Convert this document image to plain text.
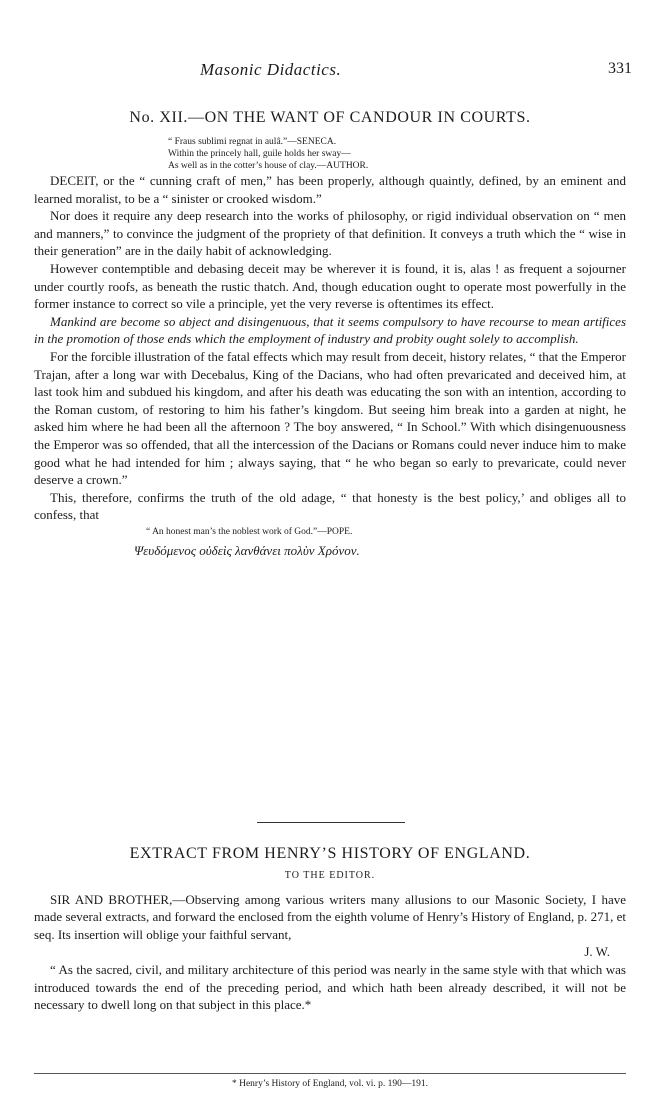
Masonic Didactics.	331
No. XII.—ON THE WANT OF CANDOUR IN COURTS.
“ Fraus sublimi regnat in aulâ.”—SENECA.
Within the princely hall, guile holds her sway—
As well as in the cotter’s house of clay.—AUTHOR.

DECEIT, or the “ cunning craft of men,” has been properly, although quaintly, defined, by an eminent and learned moralist, to be a “ sinister or crooked wisdom.”

Nor does it require any deep research into the works of philosophy, or rigid individual observation on “ men and manners,” to convince the judgment of the propriety of that definition. It conveys a truth which the “ wise in their generation” are in the daily habit of acknowledging.

However contemptible and debasing deceit may be wherever it is found, it is, alas ! as frequent a sojourner under courtly roofs, as beneath the rustic thatch. And, though education ought to operate most powerfully in the former instance to correct so vile a principle, yet the very reverse is oftentimes its effect.

Mankind are become so abject and disingenuous, that it seems compulsory to have recourse to mean artifices in the promotion of those ends which the employment of industry and probity ought solely to accomplish.

For the forcible illustration of the fatal effects which may result from deceit, history relates, “ that the Emperor Trajan, after a long war with Decebalus, King of the Dacians, who had often prevaricated and deceived him, at last took him and subdued his kingdom, and after his death was educating the son with an intention, according to the Roman custom, of restoring to him his father’s kingdom. But seeing him break into a garden at night, he asked him where he had been all the afternoon ? The boy answered, “ In School.” With which disingenuousness the Emperor was so offended, that all the intercession of the Dacians or Romans could never induce him to make good what he had intended for him ; always saying, that “ he who began so early to prevaricate, could never deserve a crown.”

This, therefore, confirms the truth of the old adage, “ that honesty is the best policy,’ and obliges all to confess, that

“ An honest man’s the noblest work of God.”—POPE.
Ψευδόμενος οὐδεὶς λανθάνει πολὺν Χρόνον.
EXTRACT FROM HENRY’S HISTORY OF ENGLAND.
TO THE EDITOR.

SIR AND BROTHER,—Observing among various writers many allusions to our Masonic Society, I have made several extracts, and forward the enclosed from the eighth volume of Henry’s History of England, p. 271, et seq. Its insertion will oblige your faithful servant,

J. W.

“ As the sacred, civil, and military architecture of this period was nearly in the same style with that which was introduced towards the end of the preceding period, and which hath been already described, it will not be necessary to dwell long on that subject in this place.*

* Henry’s History of England, vol. vi. p. 190—191.
